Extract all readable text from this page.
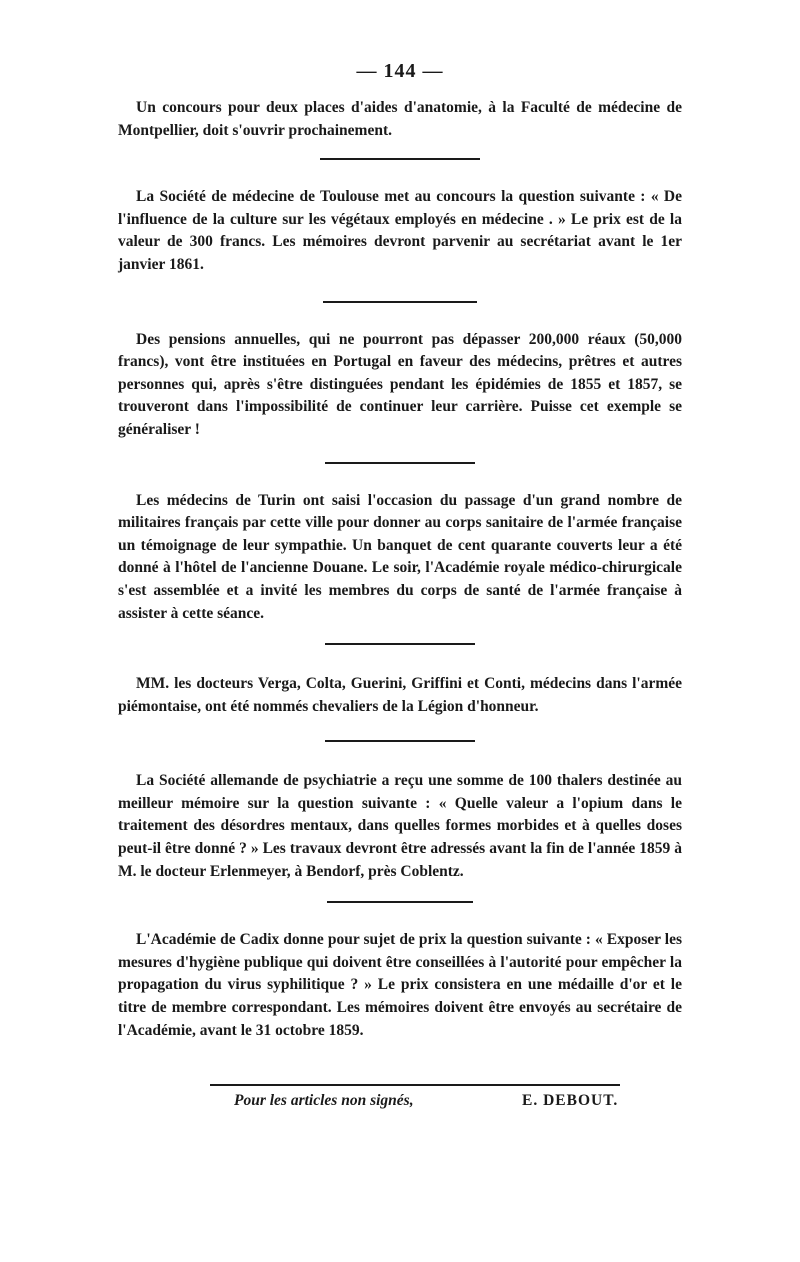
— 144 —

Un concours pour deux places d'aides d'anatomie, à la Faculté de médecine de Montpellier, doit s'ouvrir prochainement.

La Société de médecine de Toulouse met au concours la question suivante : « De l'influence de la culture sur les végétaux employés en médecine . » Le prix est de la valeur de 300 francs. Les mémoires devront parvenir au secrétariat avant le 1er janvier 1861.

Des pensions annuelles, qui ne pourront pas dépasser 200,000 réaux (50,000 francs), vont être instituées en Portugal en faveur des médecins, prêtres et autres personnes qui, après s'être distinguées pendant les épidémies de 1855 et 1857, se trouveront dans l'impossibilité de continuer leur carrière. Puisse cet exemple se généraliser !

Les médecins de Turin ont saisi l'occasion du passage d'un grand nombre de militaires français par cette ville pour donner au corps sanitaire de l'armée française un témoignage de leur sympathie. Un banquet de cent quarante couverts leur a été donné à l'hôtel de l'ancienne Douane. Le soir, l'Académie royale médico-chirurgicale s'est assemblée et a invité les membres du corps de santé de l'armée française à assister à cette séance.

MM. les docteurs Verga, Colta, Guerini, Griffini et Conti, médecins dans l'armée piémontaise, ont été nommés chevaliers de la Légion d'honneur.

La Société allemande de psychiatrie a reçu une somme de 100 thalers destinée au meilleur mémoire sur la question suivante : « Quelle valeur a l'opium dans le traitement des désordres mentaux, dans quelles formes morbides et à quelles doses peut-il être donné ? » Les travaux devront être adressés avant la fin de l'année 1859 à M. le docteur Erlenmeyer, à Bendorf, près Coblentz.

L'Académie de Cadix donne pour sujet de prix la question suivante : « Exposer les mesures d'hygiène publique qui doivent être conseillées à l'autorité pour empêcher la propagation du virus syphilitique ? » Le prix consistera en une médaille d'or et le titre de membre correspondant. Les mémoires doivent être envoyés au secrétaire de l'Académie, avant le 31 octobre 1859.

Pour les articles non signés,	E. DEBOUT.
